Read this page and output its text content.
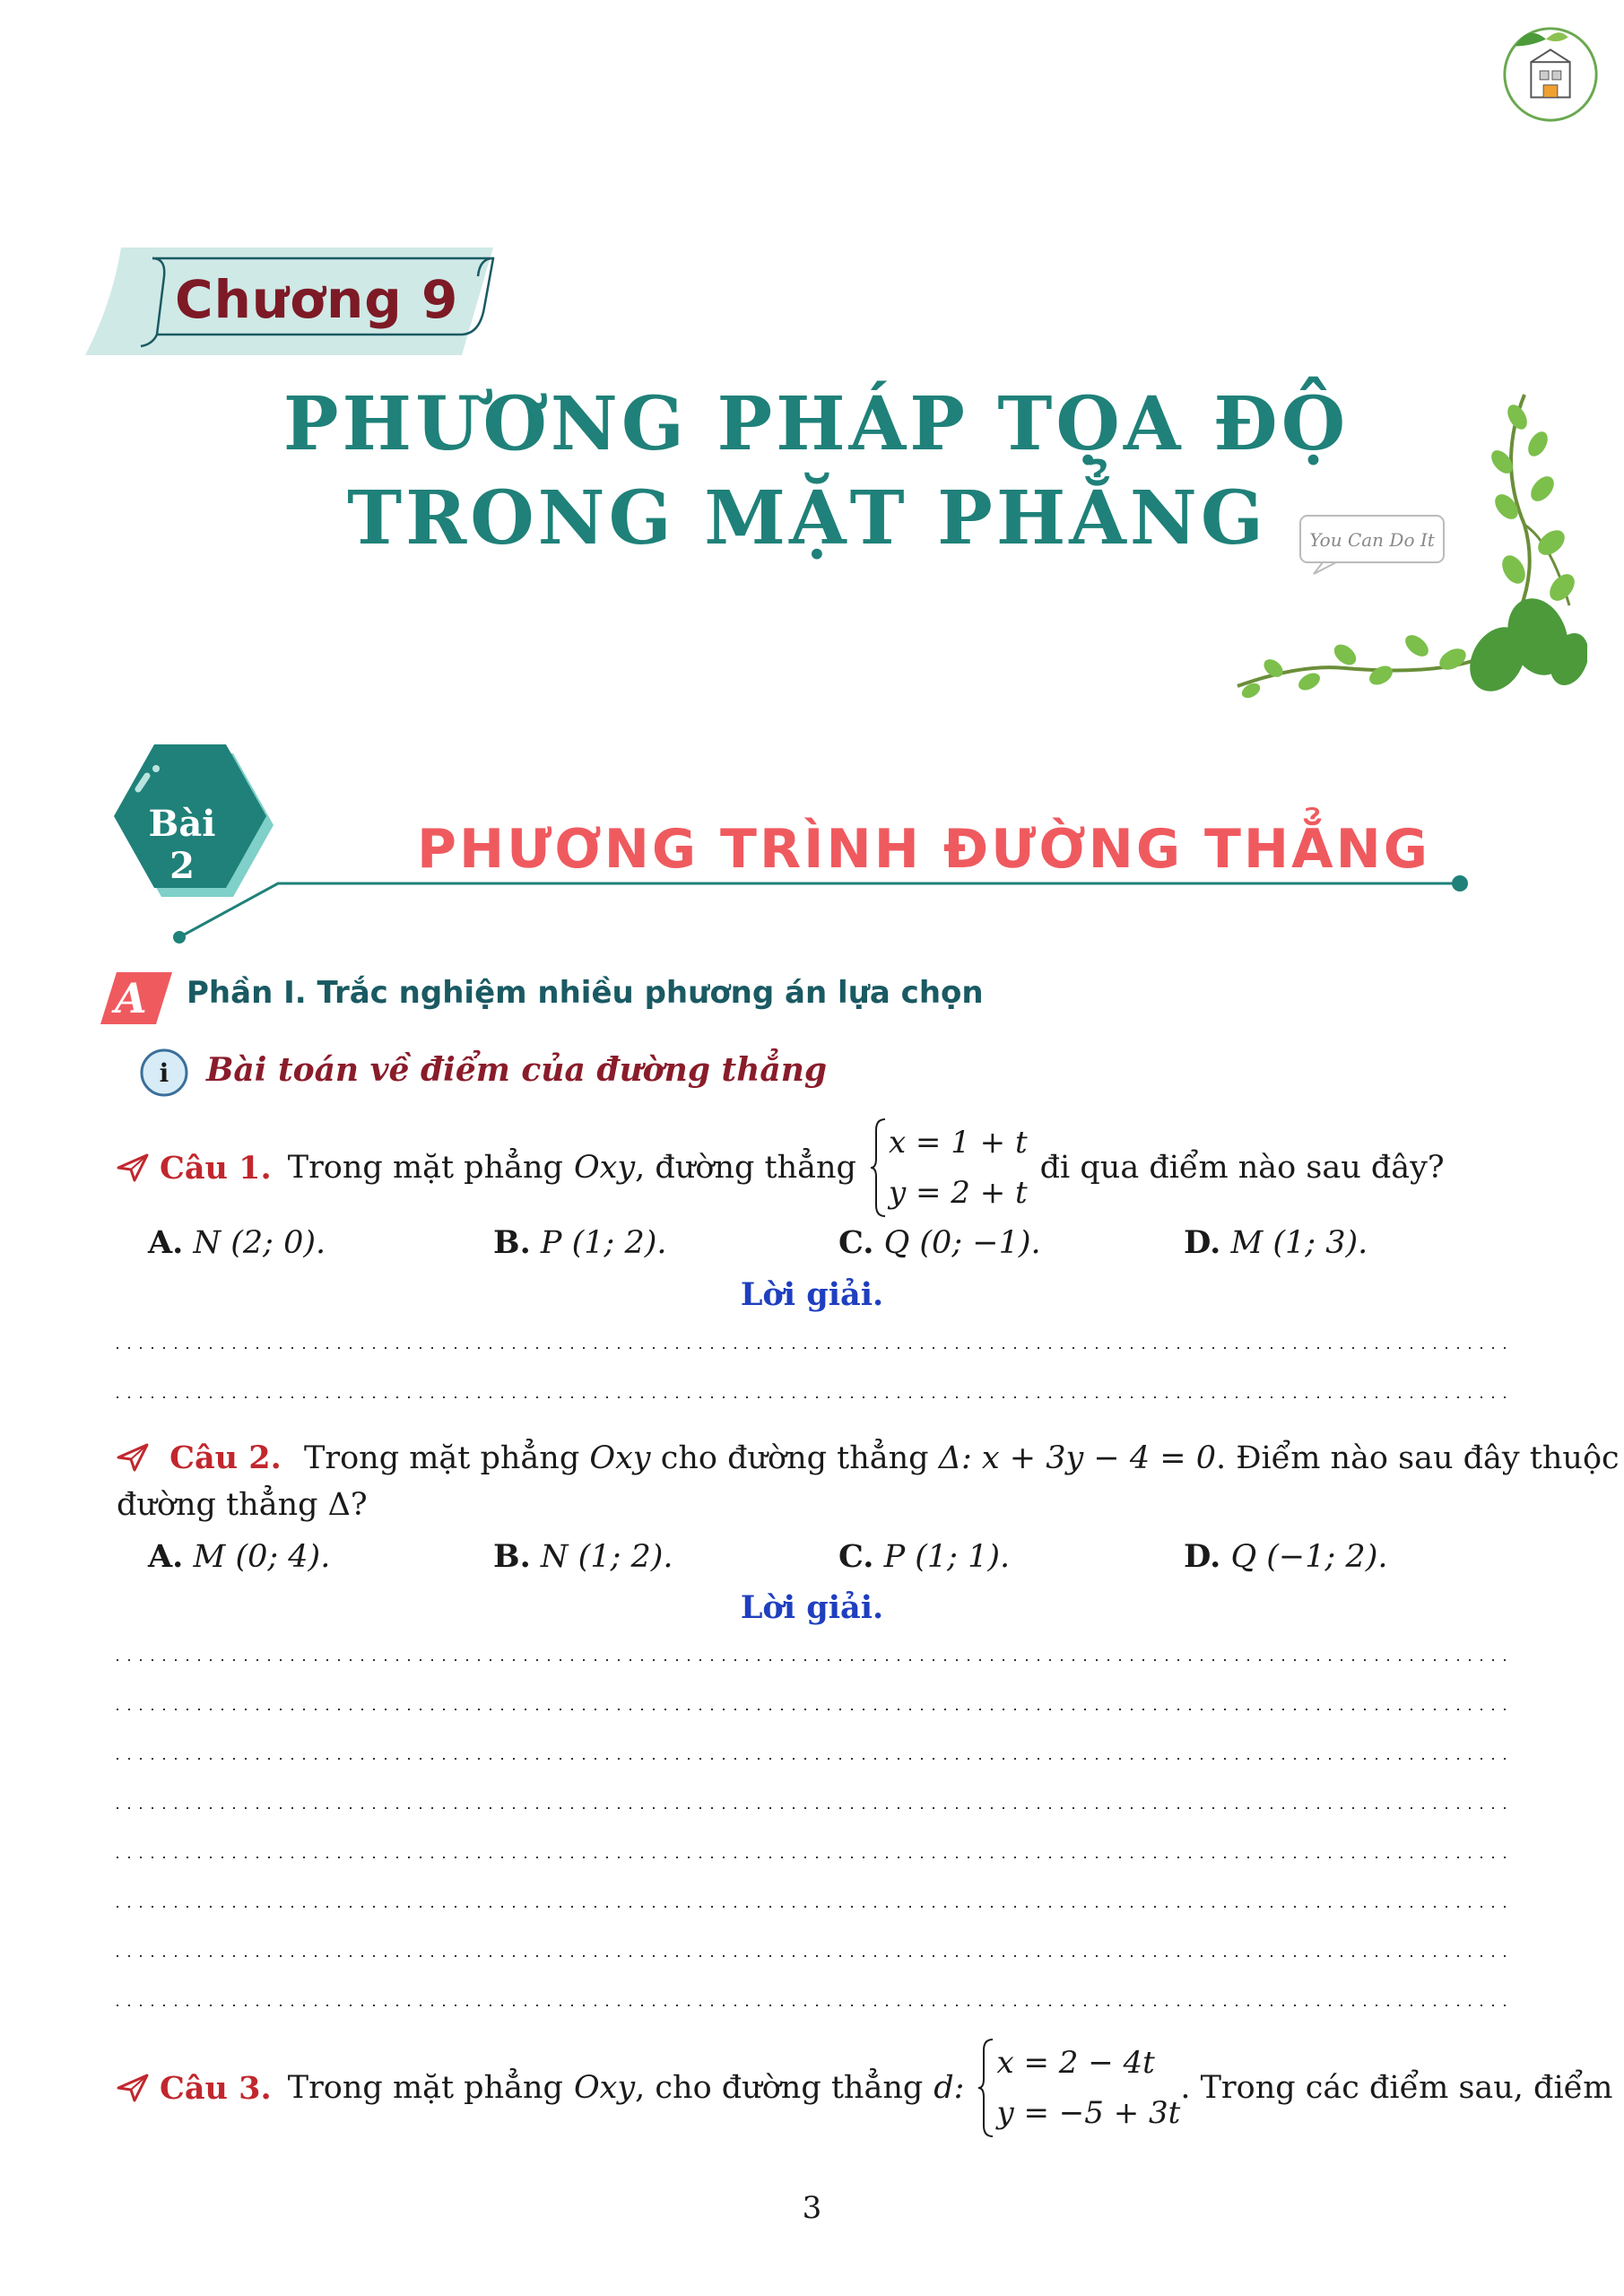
Chương 9
PHƯƠNG PHÁP TỌA ĐỘ
TRONG MẶT PHẲNG	You Can Do It
Bài 2	PHƯƠNG TRÌNH ĐƯỜNG THẲNG
A Phần I. Trắc nghiệm nhiều phương án lựa chọn
i Bài toán về điểm của đường thẳng
Câu 1. Trong mặt phẳng Oxy , đường thẳng
x = 1 + t
y = 2 + t
đi qua điểm nào sau đây?
A. N (2; 0).	B. P (1; 2).	C. Q (0; −1).	D. M (1; 3).
Lời giải.
Câu 2. Trong mặt phẳng Oxy cho đường thẳng Δ: x + 3y − 4 = 0. Điểm nào sau đây thuộc
đường thẳng Δ?
A. M (0; 4).	B. N (1; 2).	C. P (1; 1).	D. Q (−1; 2).
Lời giải.
Câu 3. Trong mặt phẳng Oxy , cho đường thẳng d:
x = 2 − 4t
y = −5 + 3t
. Trong các điểm sau, điểm
3
